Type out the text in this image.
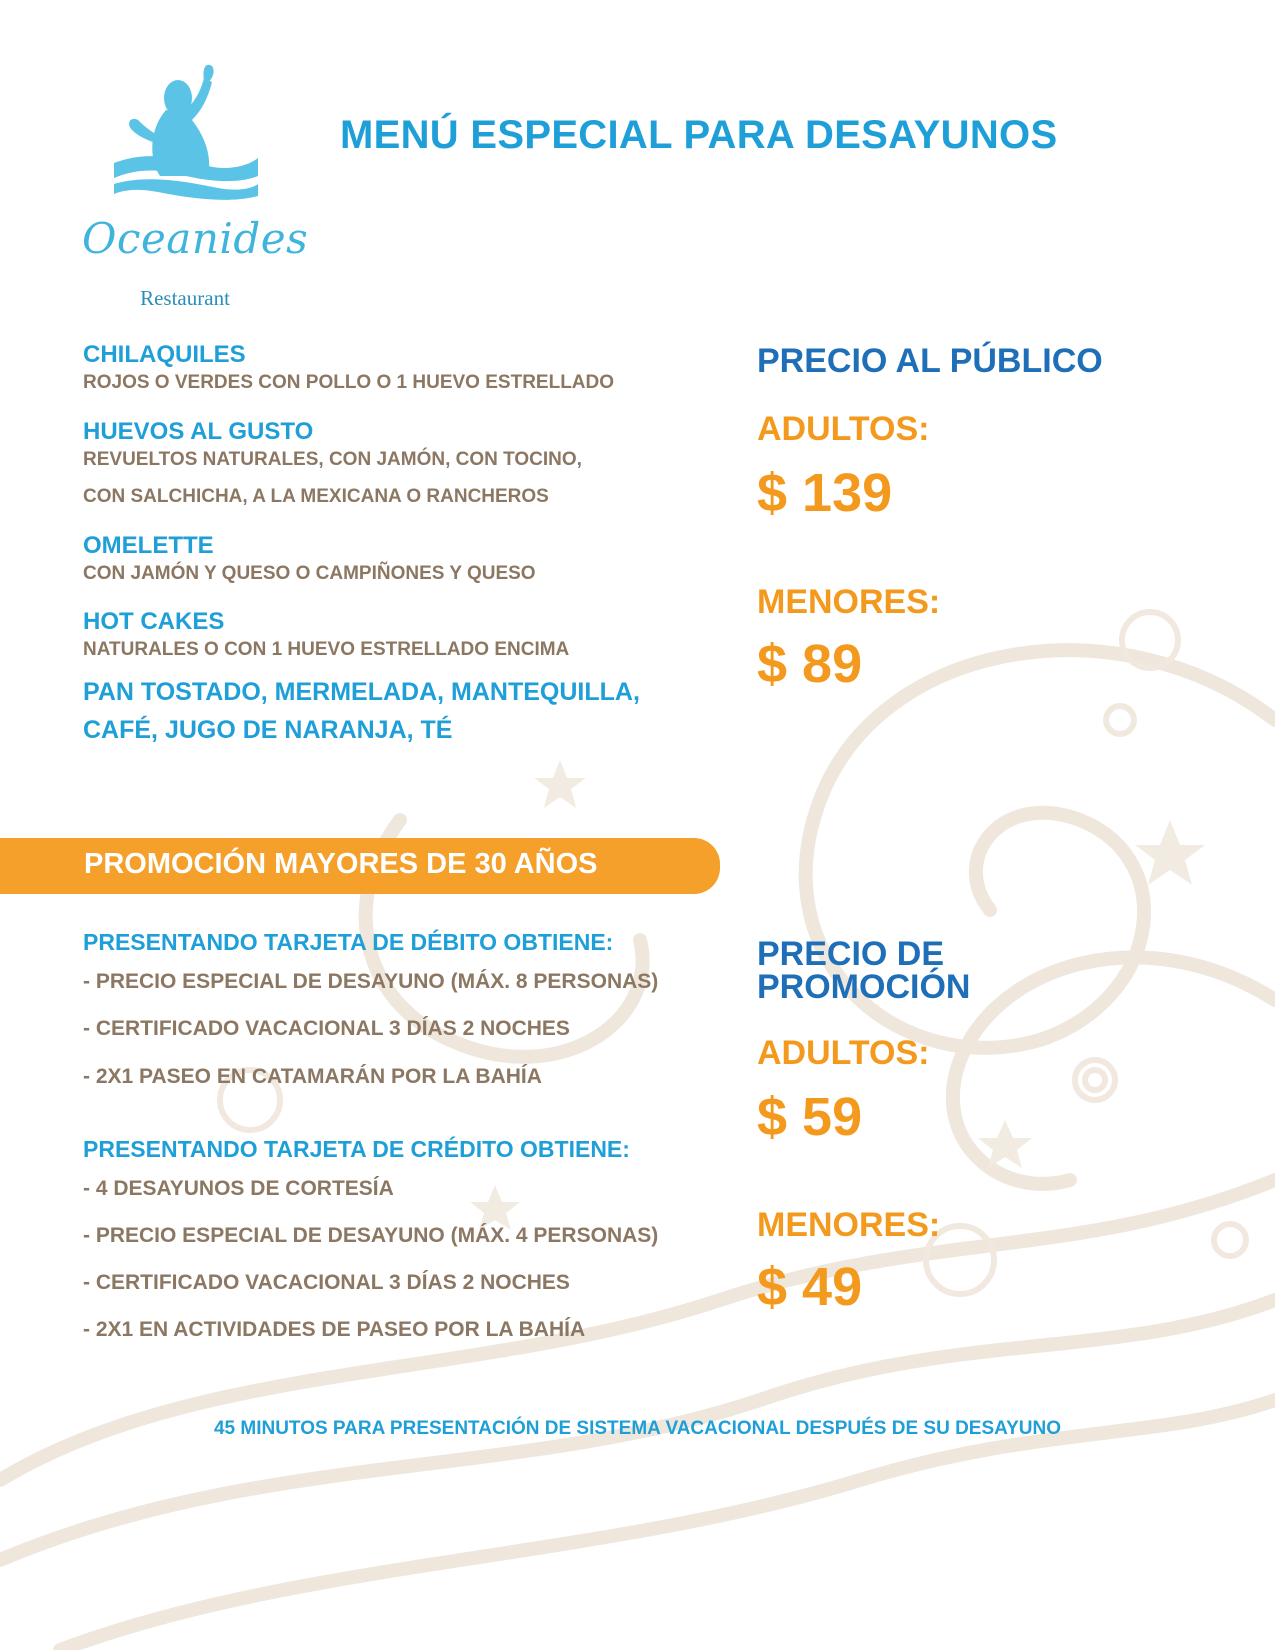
Oceanides
Restaurant
MENÚ ESPECIAL PARA DESAYUNOS
CHILAQUILES
ROJOS O VERDES CON POLLO O 1 HUEVO ESTRELLADO
HUEVOS AL GUSTO
REVUELTOS NATURALES, CON JAMÓN, CON TOCINO,
CON SALCHICHA, A LA MEXICANA O RANCHEROS
OMELETTE
CON JAMÓN Y QUESO O CAMPIÑONES Y QUESO
HOT CAKES
NATURALES O CON 1 HUEVO ESTRELLADO ENCIMA
PAN TOSTADO, MERMELADA, MANTEQUILLA,
CAFÉ, JUGO DE NARANJA, TÉ
PRECIO AL PÚBLICO
ADULTOS:
$ 139
MENORES:
$ 89
PROMOCIÓN MAYORES DE 30 AÑOS
PRESENTANDO TARJETA DE DÉBITO OBTIENE:
- PRECIO ESPECIAL DE DESAYUNO (MÁX. 8 PERSONAS)
- CERTIFICADO VACACIONAL 3 DÍAS 2 NOCHES
- 2X1 PASEO EN CATAMARÁN POR LA BAHÍA
PRESENTANDO TARJETA DE CRÉDITO OBTIENE:
- 4 DESAYUNOS DE CORTESÍA
- PRECIO ESPECIAL DE DESAYUNO (MÁX. 4 PERSONAS)
- CERTIFICADO VACACIONAL 3 DÍAS 2 NOCHES
- 2X1 EN ACTIVIDADES DE PASEO POR LA BAHÍA
PRECIO DE
PROMOCIÓN
ADULTOS:
$ 59
MENORES:
$ 49
45 MINUTOS PARA PRESENTACIÓN DE SISTEMA VACACIONAL DESPUÉS DE SU DESAYUNO
